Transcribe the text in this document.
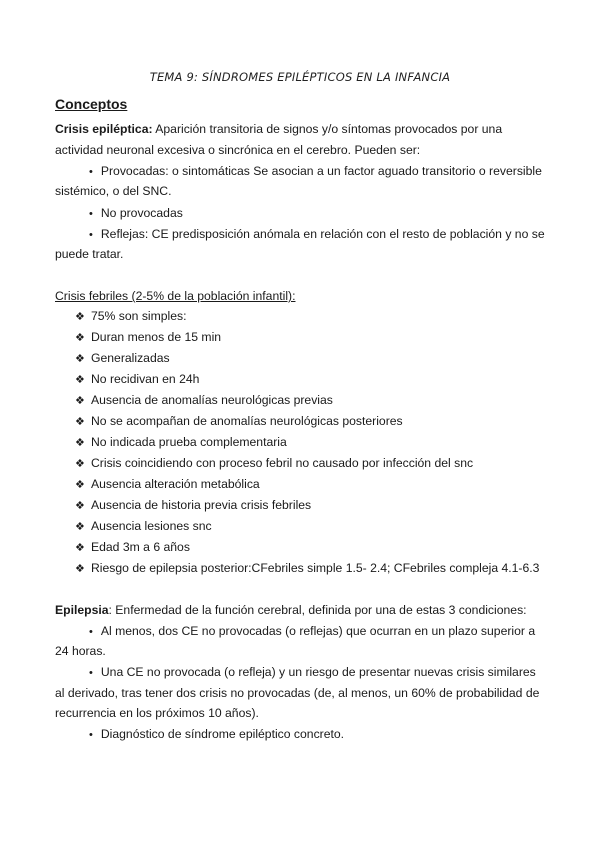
TEMA 9: SÍNDROMES EPILÉPTICOS EN LA INFANCIA
Conceptos
Crisis epiléptica: Aparición transitoria de signos y/o síntomas provocados por una
actividad neuronal excesiva o sincrónica en el cerebro. Pueden ser:
• Provocadas: o sintomáticas Se asocian a un factor aguado transitorio o reversible
sistémico, o del SNC.
• No provocadas
• Reflejas: CE predisposición anómala en relación con el resto de población y no se
puede tratar.
Crisis febriles (2-5% de la población infantil):
❖ 75% son simples:
❖ Duran menos de 15 min
❖ Generalizadas
❖ No recidivan en 24h
❖ Ausencia de anomalías neurológicas previas
❖ No se acompañan de anomalías neurológicas posteriores
❖ No indicada prueba complementaria
❖ Crisis coincidiendo con proceso febril no causado por infección del snc
❖ Ausencia alteración metabólica
❖ Ausencia de historia previa crisis febriles
❖ Ausencia lesiones snc
❖ Edad 3m a 6 años
❖ Riesgo de epilepsia posterior:CFebriles simple 1.5- 2.4; CFebriles compleja 4.1-6.3
Epilepsia: Enfermedad de la función cerebral, definida por una de estas 3 condiciones:
• Al menos, dos CE no provocadas (o reflejas) que ocurran en un plazo superior a
24 horas.
• Una CE no provocada (o refleja) y un riesgo de presentar nuevas crisis similares
al derivado, tras tener dos crisis no provocadas (de, al menos, un 60% de probabilidad de
recurrencia en los próximos 10 años).
• Diagnóstico de síndrome epiléptico concreto.
